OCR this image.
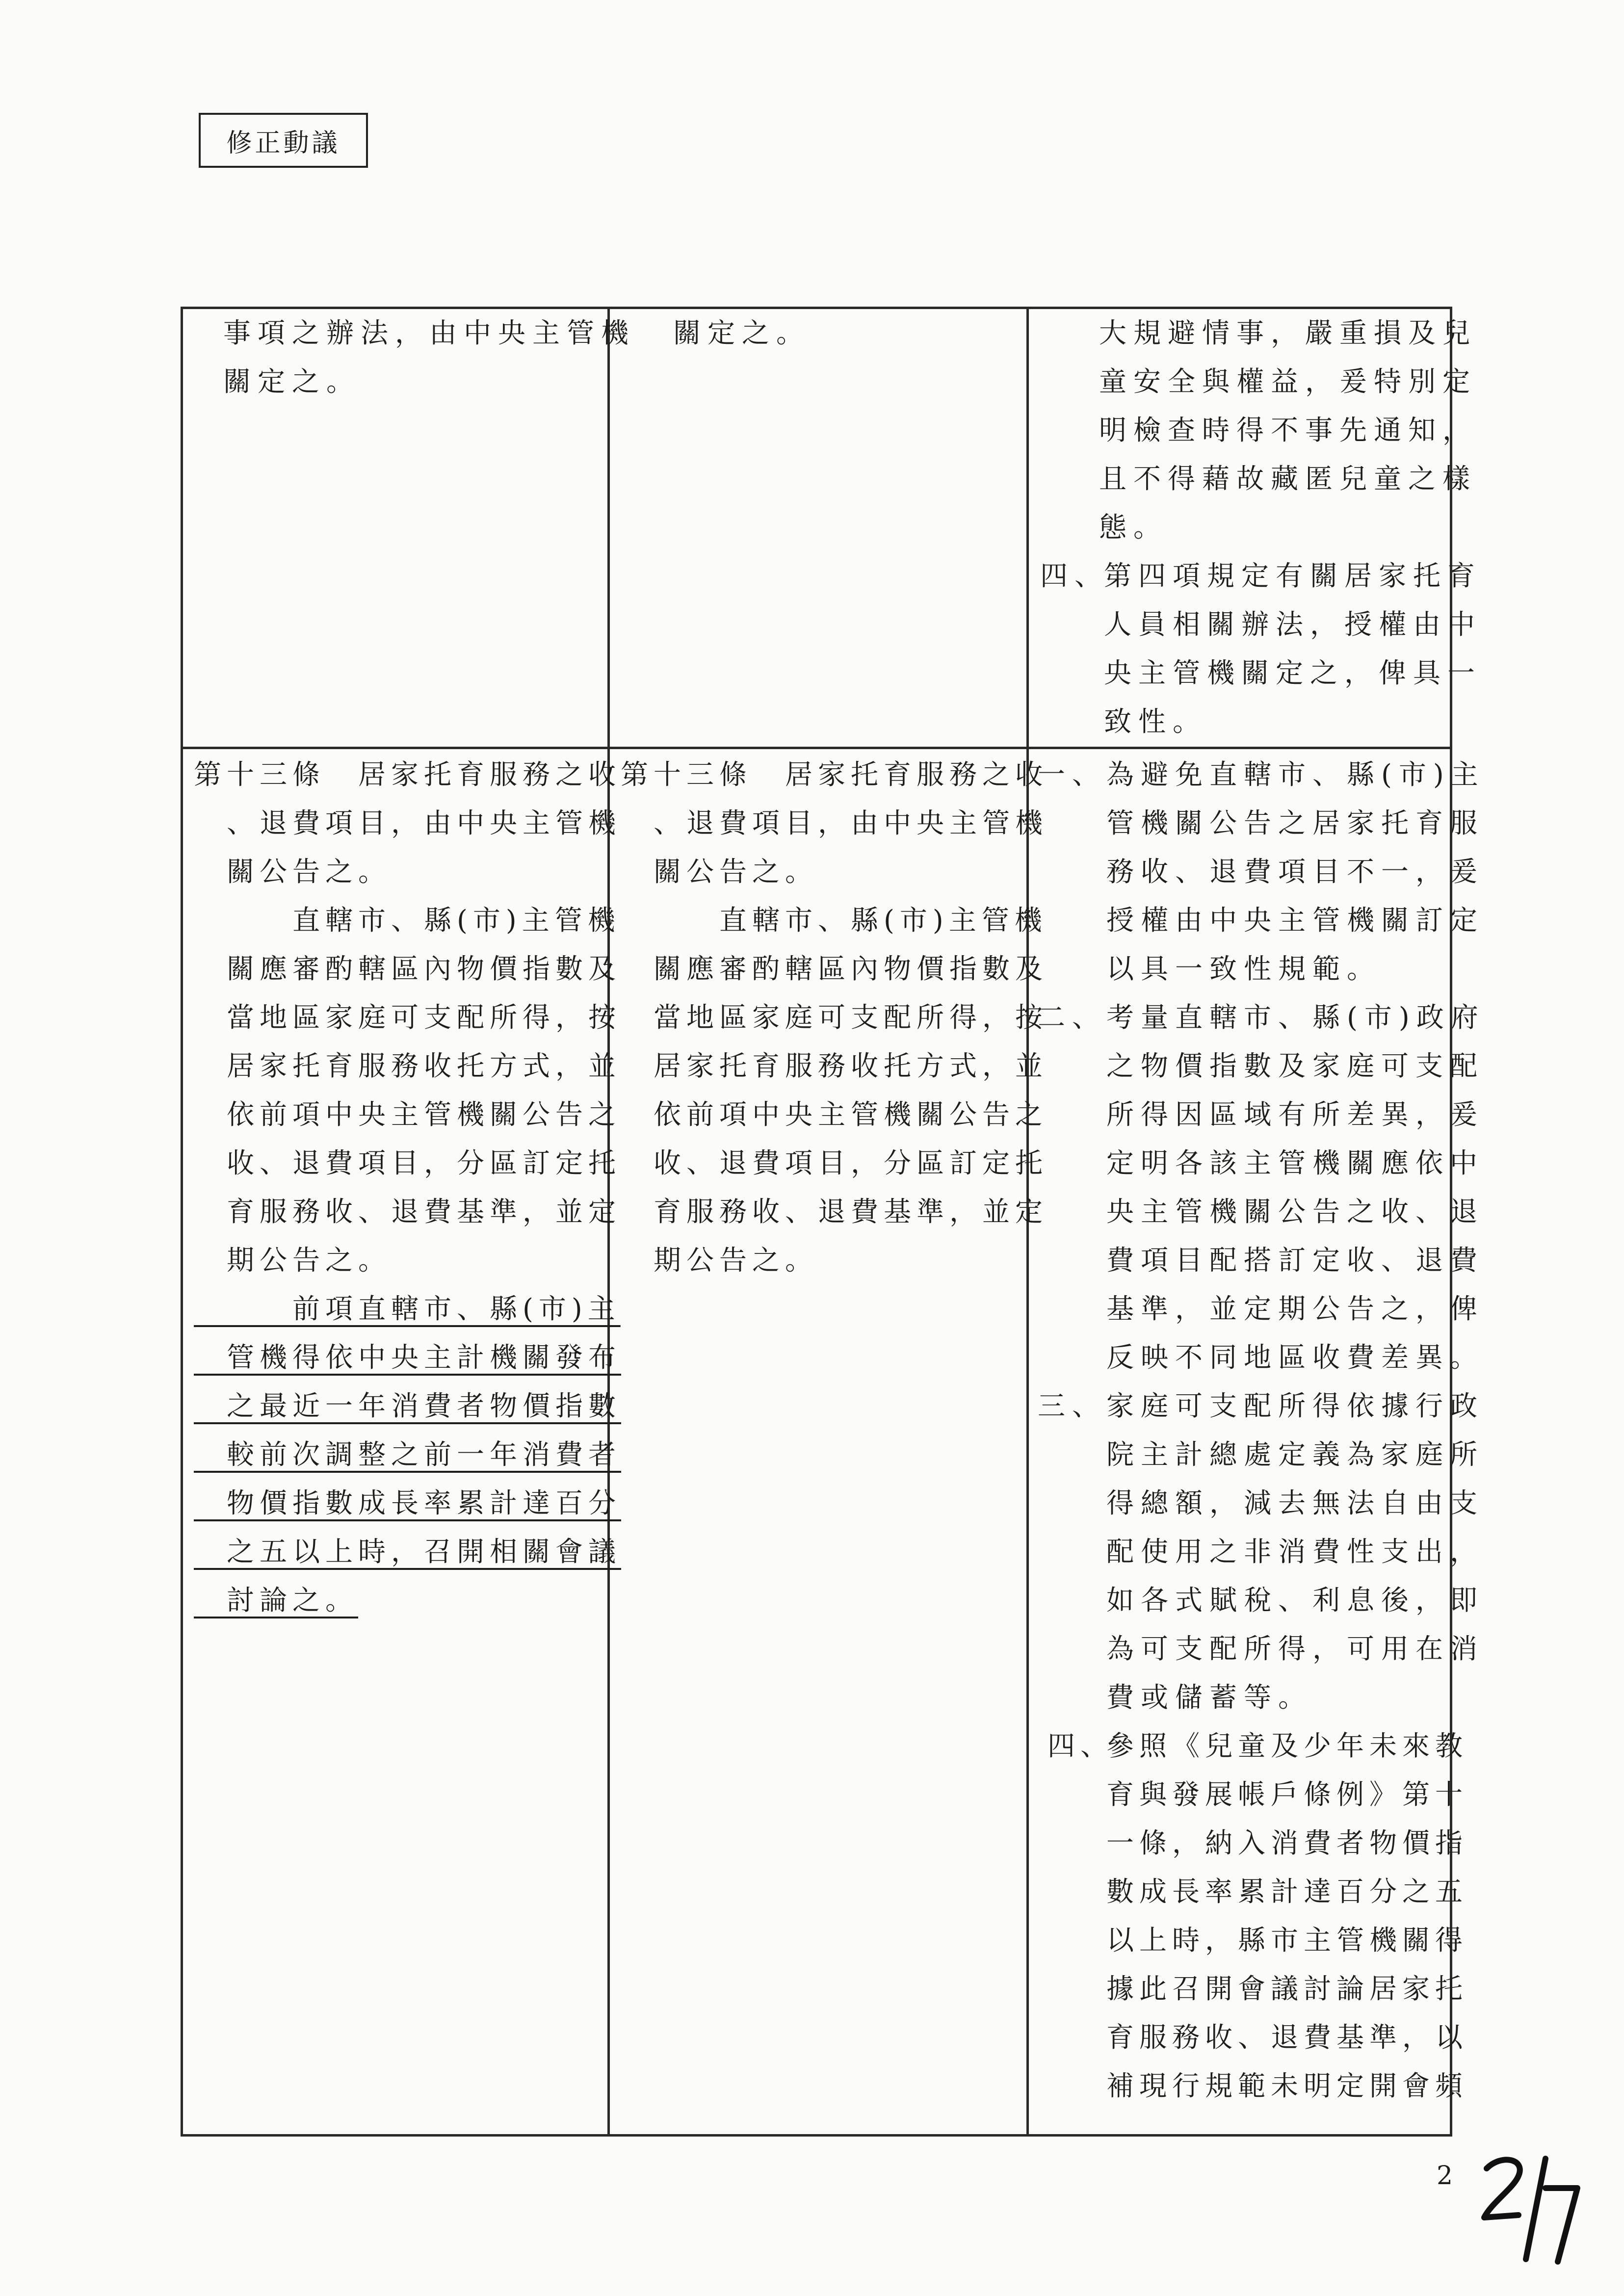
修正動議
事項之辦法，由中央主管機
關定之。
關定之。	大規避情事，嚴重損及兒
童安全與權益，爰特別定
明檢查時得不事先通知，
且不得藉故藏匿兒童之樣
態。
四、
第四項規定有關居家托育
人員相關辦法，授權由中
央主管機關定之，俾具一
致性。
第十三條　居家托育服務之收
　、退費項目，由中央主管機
　關公告之。
　　　直轄市、縣(市)主管機
　關應審酌轄區內物價指數及
　當地區家庭可支配所得，按
　居家托育服務收托方式，並
　依前項中央主管機關公告之
　收、退費項目，分區訂定托
　育服務收、退費基準，並定
　期公告之。
　　　前項直轄市、縣(市)主
　管機得依中央主計機關發布
　之最近一年消費者物價指數
　較前次調整之前一年消費者
　物價指數成長率累計達百分
　之五以上時，召開相關會議
　討論之。
第十三條　居家托育服務之收
　、退費項目，由中央主管機
　關公告之。
　　　直轄市、縣(市)主管機
　關應審酌轄區內物價指數及
　當地區家庭可支配所得，按
　居家托育服務收托方式，並
　依前項中央主管機關公告之
　收、退費項目，分區訂定托
　育服務收、退費基準，並定
　期公告之。
一、 為避免直轄市、縣(市)主
管機關公告之居家托育服
務收、退費項目不一，爰
授權由中央主管機關訂定
以具一致性規範。
二、 考量直轄市、縣(市)政府
之物價指數及家庭可支配
所得因區域有所差異，爰
定明各該主管機關應依中
央主管機關公告之收、退
費項目配搭訂定收、退費
基準，並定期公告之，俾
反映不同地區收費差異。
三、 家庭可支配所得依據行政
院主計總處定義為家庭所
得總額，減去無法自由支
配使用之非消費性支出，
如各式賦稅、利息後，即
為可支配所得，可用在消
費或儲蓄等。
四、
參照《兒童及少年未來教
育與發展帳戶條例》第十
一條，納入消費者物價指
數成長率累計達百分之五
以上時，縣市主管機關得
據此召開會議討論居家托
育服務收、退費基準，以
補現行規範未明定開會頻
2
